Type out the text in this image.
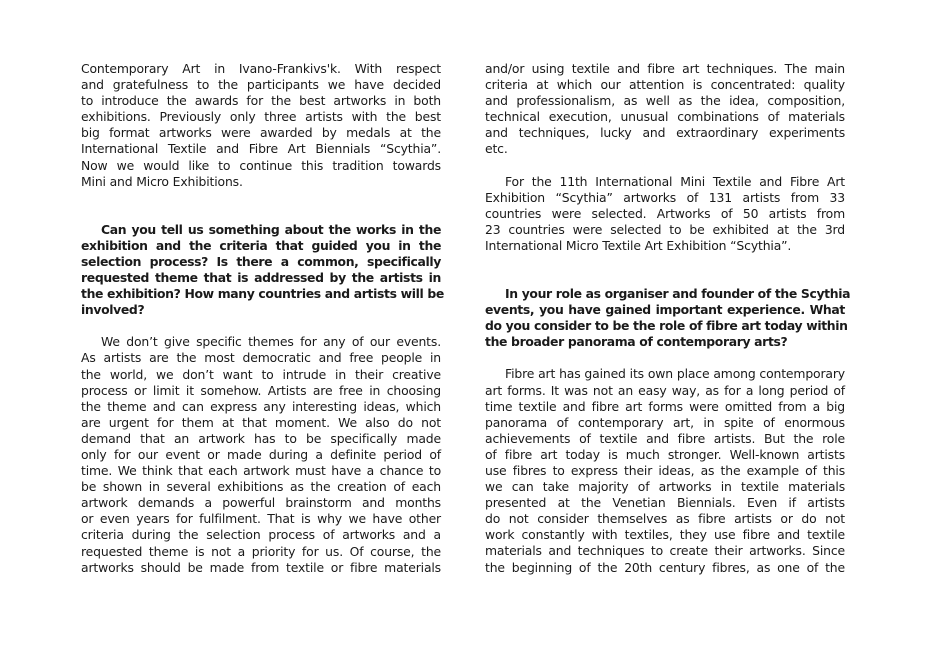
Contemporary Art in Ivano-Frankivs'k. With respect
and gratefulness to the participants we have decided
to introduce the awards for the best artworks in both
exhibitions. Previously only three artists with the best
big format artworks were awarded by medals at the
International Textile and Fibre Art Biennials “Scythia”.
Now we would like to continue this tradition towards
Mini and Micro Exhibitions.
Can you tell us something about the works in the
exhibition and the criteria that guided you in the
selection process? Is there a common, specifically
requested theme that is addressed by the artists in
the exhibition? How many countries and artists will be
involved?
We don’t give specific themes for any of our events.
As artists are the most democratic and free people in
the world, we don’t want to intrude in their creative
process or limit it somehow. Artists are free in choosing
the theme and can express any interesting ideas, which
are urgent for them at that moment. We also do not
demand that an artwork has to be specifically made
only for our event or made during a definite period of
time. We think that each artwork must have a chance to
be shown in several exhibitions as the creation of each
artwork demands a powerful brainstorm and months
or even years for fulfilment. That is why we have other
criteria during the selection process of artworks and a
requested theme is not a priority for us. Of course, the
artworks should be made from textile or fibre materials
and/or using textile and fibre art techniques. The main
criteria at which our attention is concentrated: quality
and professionalism, as well as the idea, composition,
technical execution, unusual combinations of materials
and techniques, lucky and extraordinary experiments
etc.
For the 11th International Mini Textile and Fibre Art
Exhibition “Scythia” artworks of 131 artists from 33
countries were selected. Artworks of 50 artists from
23 countries were selected to be exhibited at the 3rd
International Micro Textile Art Exhibition “Scythia”.
In your role as organiser and founder of the Scythia
events, you have gained important experience. What
do you consider to be the role of fibre art today within
the broader panorama of contemporary arts?
Fibre art has gained its own place among contemporary
art forms. It was not an easy way, as for a long period of
time textile and fibre art forms were omitted from a big
panorama of contemporary art, in spite of enormous
achievements of textile and fibre artists. But the role
of fibre art today is much stronger. Well-known artists
use fibres to express their ideas, as the example of this
we can take majority of artworks in textile materials
presented at the Venetian Biennials. Even if artists
do not consider themselves as fibre artists or do not
work constantly with textiles, they use fibre and textile
materials and techniques to create their artworks. Since
the beginning of the 20th century fibres, as one of the
